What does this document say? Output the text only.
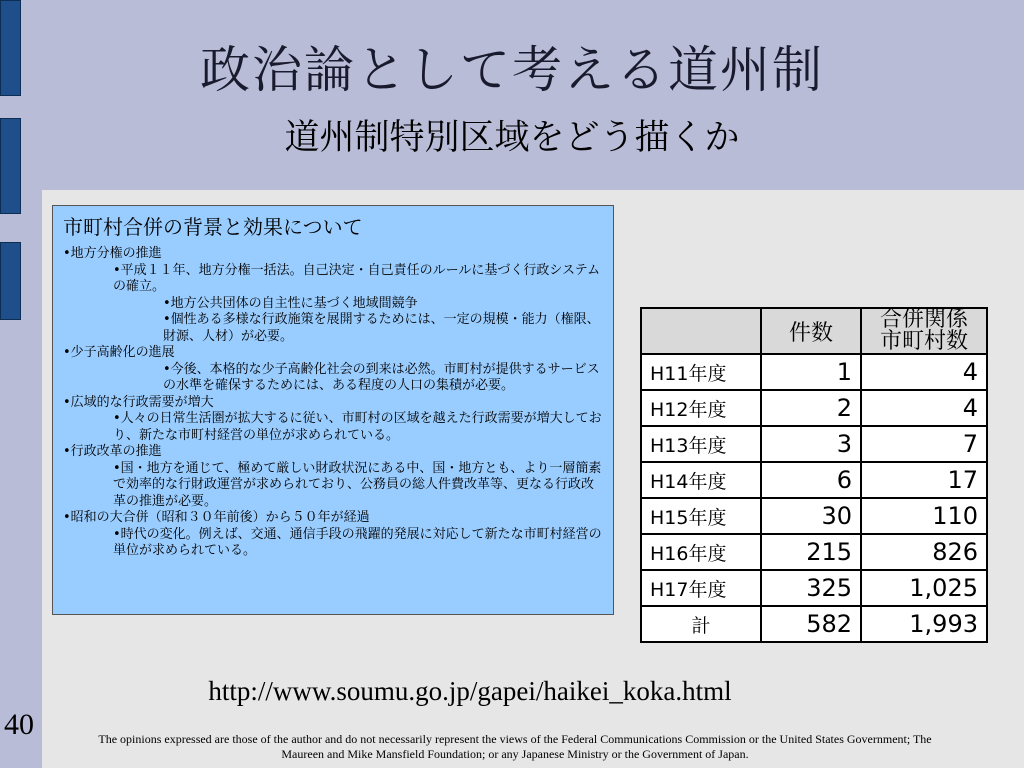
政治論として考える道州制
道州制特別区域をどう描くか
市町村合併の背景と効果について

•地方分権の推進

•平成１１年、地方分権一括法。自己決定・自己責任のルールに基づく行政システムの確立。

•地方公共団体の自主性に基づく地域間競争

•個性ある多様な行政施策を展開するためには、一定の規模・能力（権限、財源、人材）が必要。

•少子高齢化の進展

•今後、本格的な少子高齢化社会の到来は必然。市町村が提供するサービスの水準を確保するためには、ある程度の人口の集積が必要。

•広域的な行政需要が増大

•人々の日常生活圏が拡大するに従い、市町村の区域を越えた行政需要が増大しており、新たな市町村経営の単位が求められている。

•行政改革の推進

•国・地方を通じて、極めて厳しい財政状況にある中、国・地方とも、より一層簡素で効率的な行財政運営が求められており、公務員の総人件費改革等、更なる行政改革の推進が必要。

•昭和の大合併（昭和３０年前後）から５０年が経過

•時代の変化。例えば、交通、通信手段の飛躍的発展に対応して新たな市町村経営の単位が求められている。

	件数	合併関係市町村数
H11年度	1	4
H12年度	2	4
H13年度	3	7
H14年度	6	17
H15年度	30	110
H16年度	215	826
H17年度	325	1,025
計	582	1,993
http://www.soumu.go.jp/gapei/haikei_koka.html
40	The opinions expressed are those of the author and do not necessarily represent the views of the Federal Communications Commission or the United States Government; The Maureen and Mike Mansfield Foundation; or any Japanese Ministry or the Government of Japan.
